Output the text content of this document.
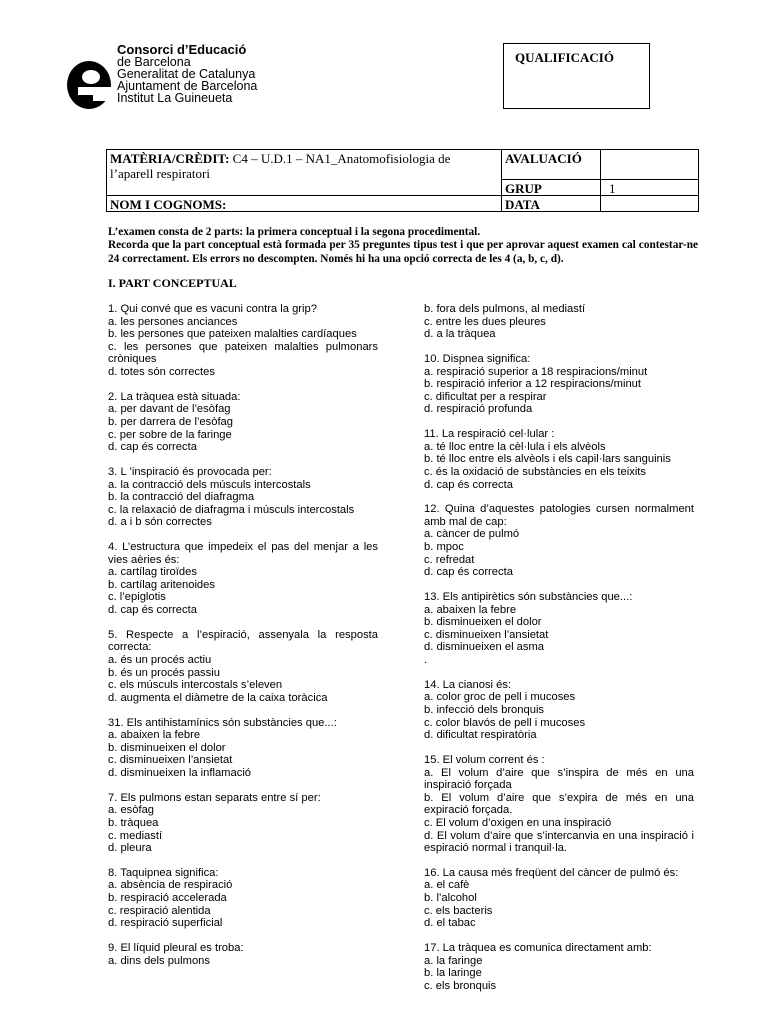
Consorci d’Educació
de Barcelona
Generalitat de Catalunya
Ajuntament de Barcelona
Institut La Guineueta
QUALIFICACIÓ
MATÈRIA/CRÈDIT: C4 – U.D.1 – NA1_Anatomofisiologia de
l’aparell respiratori
AVALUACIÓ
GRUP	1
NOM I COGNOMS:	DATA

L’examen consta de 2 parts: la primera conceptual i la segona procedimental.

Recorda que la part conceptual està formada per 35 preguntes tipus test i que per aprovar aquest examen cal contestar-ne 24 correctament. Els errors no descompten. Només hi ha una opció correcta de les 4 (a, b, c, d).

I. PART CONCEPTUAL
1. Qui convé que es vacuni contra la grip?
a. les persones anciances
b. les persones que pateixen malalties cardíaques
c. les persones que pateixen malalties pulmonars cròniques
d. totes són correctes
2. La tràquea està situada:
a. per davant de l’esòfag
b. per darrera de l’esòfag
c. per sobre de la faringe
d. cap és correcta
3. L ’inspiració és provocada per:
a. la contracció dels músculs intercostals
b. la contracció del diafragma
c. la relaxació de diafragma i músculs intercostals
d. a i b són correctes
4. L’estructura que impedeix el pas del menjar a les vies aèries és:
a. cartílag tiroïdes
b. cartílag aritenoides
c. l’epiglotis
d. cap és correcta
5. Respecte a l’espiració, assenyala la resposta correcta:
a. és un procés actiu
b. és un procés passiu
c. els músculs intercostals s’eleven
d. augmenta el diàmetre de la caixa toràcica
31. Els antihistamínics són substàncies que...:
a. abaixen la febre
b. disminueixen el dolor
c. disminueixen l’ansietat
d. disminueixen la inflamació
7. Els pulmons estan separats entre sí per:
a. esòfag
b. tràquea
c. mediastí
d. pleura
8. Taquipnea significa:
a. absència de respiració
b. respiració accelerada
c. respiració alentida
d. respiració superficial
9. El líquid pleural es troba:
a. dins dels pulmons
b. fora dels pulmons, al mediastí
c. entre les dues pleures
d. a la tràquea
10. Dispnea significa:
a. respiració superior a 18 respiracions/minut
b. respiració inferior a 12 respiracions/minut
c. dificultat per a respirar
d. respiració profunda
11. La respiració cel·lular :
a. té lloc entre la cèl·lula i els alvèols
b. té lloc entre els alvèols i els capil·lars sanguinis
c. és la oxidació de substàncies en els teixits
d. cap és correcta
12. Quina d’aquestes patologies cursen normalment amb mal de cap:
a. càncer de pulmó
b. mpoc
c. refredat
d. cap és correcta
13. Els antipirètics són substàncies que...:
a. abaixen la febre
b. disminueixen el dolor
c. disminueixen l’ansietat
d. disminueixen el asma
.
14. La cianosi és:
a. color groc de pell i mucoses
b. infecció dels bronquis
c. color blavós de pell i mucoses
d. dificultat respiratòria
15. El volum corrent és :
a. El volum d’aire que s’inspira de més en una inspiració forçada
b. El volum d’aire que s’expira de més en una expiració forçada.
c. El volum d’oxigen en una inspiració
d. El volum d’aire que s’intercanvia en una inspiració i espiració normal i tranquil·la.
16. La causa més freqüent del càncer de pulmó és:
a. el cafè
b. l’alcohol
c. els bacteris
d. el tabac
17. La tràquea es comunica directament amb:
a. la faringe
b. la laringe
c. els bronquis
